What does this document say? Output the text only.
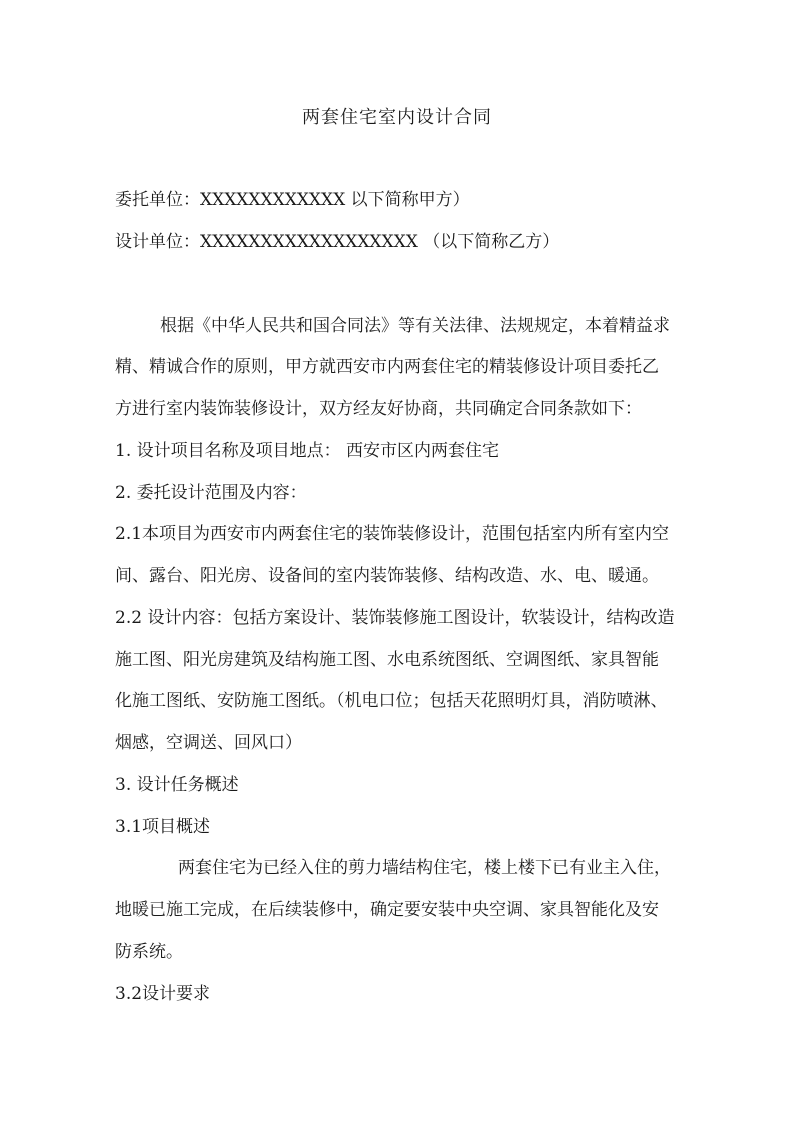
两套住宅室内设计合同
委托单位：XXXXXXXXXXXX 以下简称甲方）
设计单位：XXXXXXXXXXXXXXXXXX （以下简称乙方）
根据《中华人民共和国合同法》等有关法律、法规规定，本着精益求
精、精诚合作的原则，甲方就西安市内两套住宅的精装修设计项目委托乙
方进行室内装饰装修设计，双方经友好协商，共同确定合同条款如下：
1. 设计项目名称及项目地点： 西安市区内两套住宅
2. 委托设计范围及内容：
2.1本项目为西安市内两套住宅的装饰装修设计，范围包括室内所有室内空
间、露台、阳光房、设备间的室内装饰装修、结构改造、水、电、暖通。
2.2 设计内容：包括方案设计、装饰装修施工图设计，软装设计，结构改造
施工图、阳光房建筑及结构施工图、水电系统图纸、空调图纸、家具智能
化施工图纸、安防施工图纸。（机电口位；包括天花照明灯具，消防喷淋、
烟感，空调送、回风口）
3. 设计任务概述
3.1项目概述
两套住宅为已经入住的剪力墙结构住宅，楼上楼下已有业主入住，
地暖已施工完成，在后续装修中，确定要安装中央空调、家具智能化及安
防系统。
3.2设计要求
